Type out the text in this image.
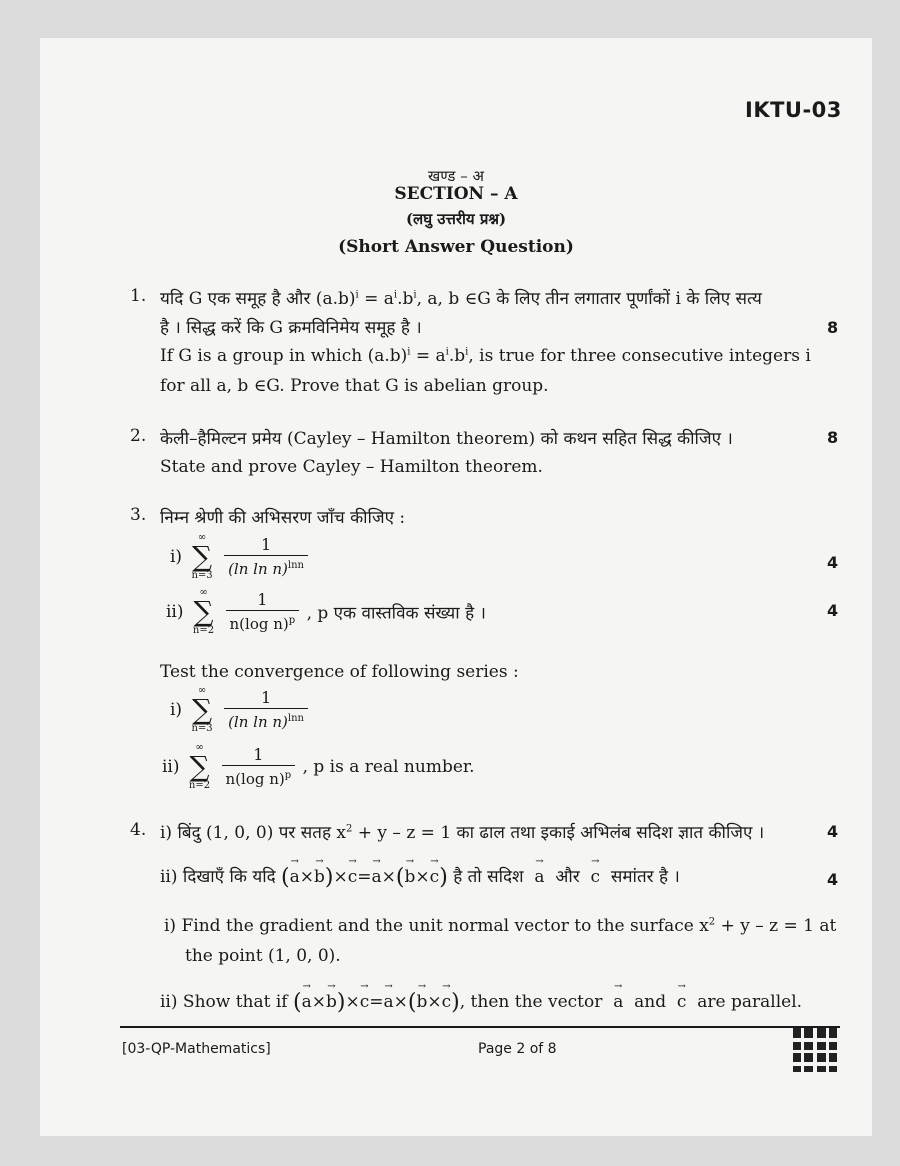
IKTU-03
खण्ड – अ
SECTION – A
(लघु उत्तरीय प्रश्न)
(Short Answer Question)
1. यदि G एक समूह है और $(a.b)^i = a^i.b^i$, a, b ∈G के लिए तीन लगातार पूर्णांकों i के लिए सत्य
है । सिद्ध करें कि G क्रमविनिमेय समूह है ।	8
If G is a group in which $(a.b)^i = a^i.b^i$, is true for three consecutive integers i
for all a, b ∈G. Prove that G is abelian group.
2. केली–हैमिल्टन प्रमेय (Cayley – Hamilton theorem) को कथन सहित सिद्ध कीजिए ।	8
State and prove Cayley – Hamilton theorem.
3. निम्न श्रेणी की अभिसरण जाँच कीजिए :
i)
∞
∑
n=3
$\frac{1}{(\ln \ln n)^{lnn}}$	4
ii)
∞
∑
n=2
$\frac{1}{n(\log n)^p}$ , p एक वास्तविक संख्या है ।	4
Test the convergence of following series :
i)
∞
∑
n=3
$\frac{1}{(\ln \ln n)^{lnn}}$
ii)
∞
∑
n=2
$\frac{1}{n(\log n)^p}$ , p is a real number.
4. i) बिंदु (1, 0, 0) पर सतह $x^2 + y - z = 1$ का ढाल तथा इकाई अभिलंब सदिश ज्ञात कीजिए ।	4
ii) दिखाएँ कि यदि (→ a×→ b)×→ c=→ a×(→ b×→ c) है तो सदिश → a और → c समांतर है ।	4
i) Find the gradient and the unit normal vector to the surface $x^2 + y - z = 1$ at
the point (1, 0, 0).
ii) Show that if (→ a×→ b)×→ c=→ a×(→ b×→ c), then the vector → a and → c are parallel.
[03-QP-Mathematics]	Page 2 of 8
